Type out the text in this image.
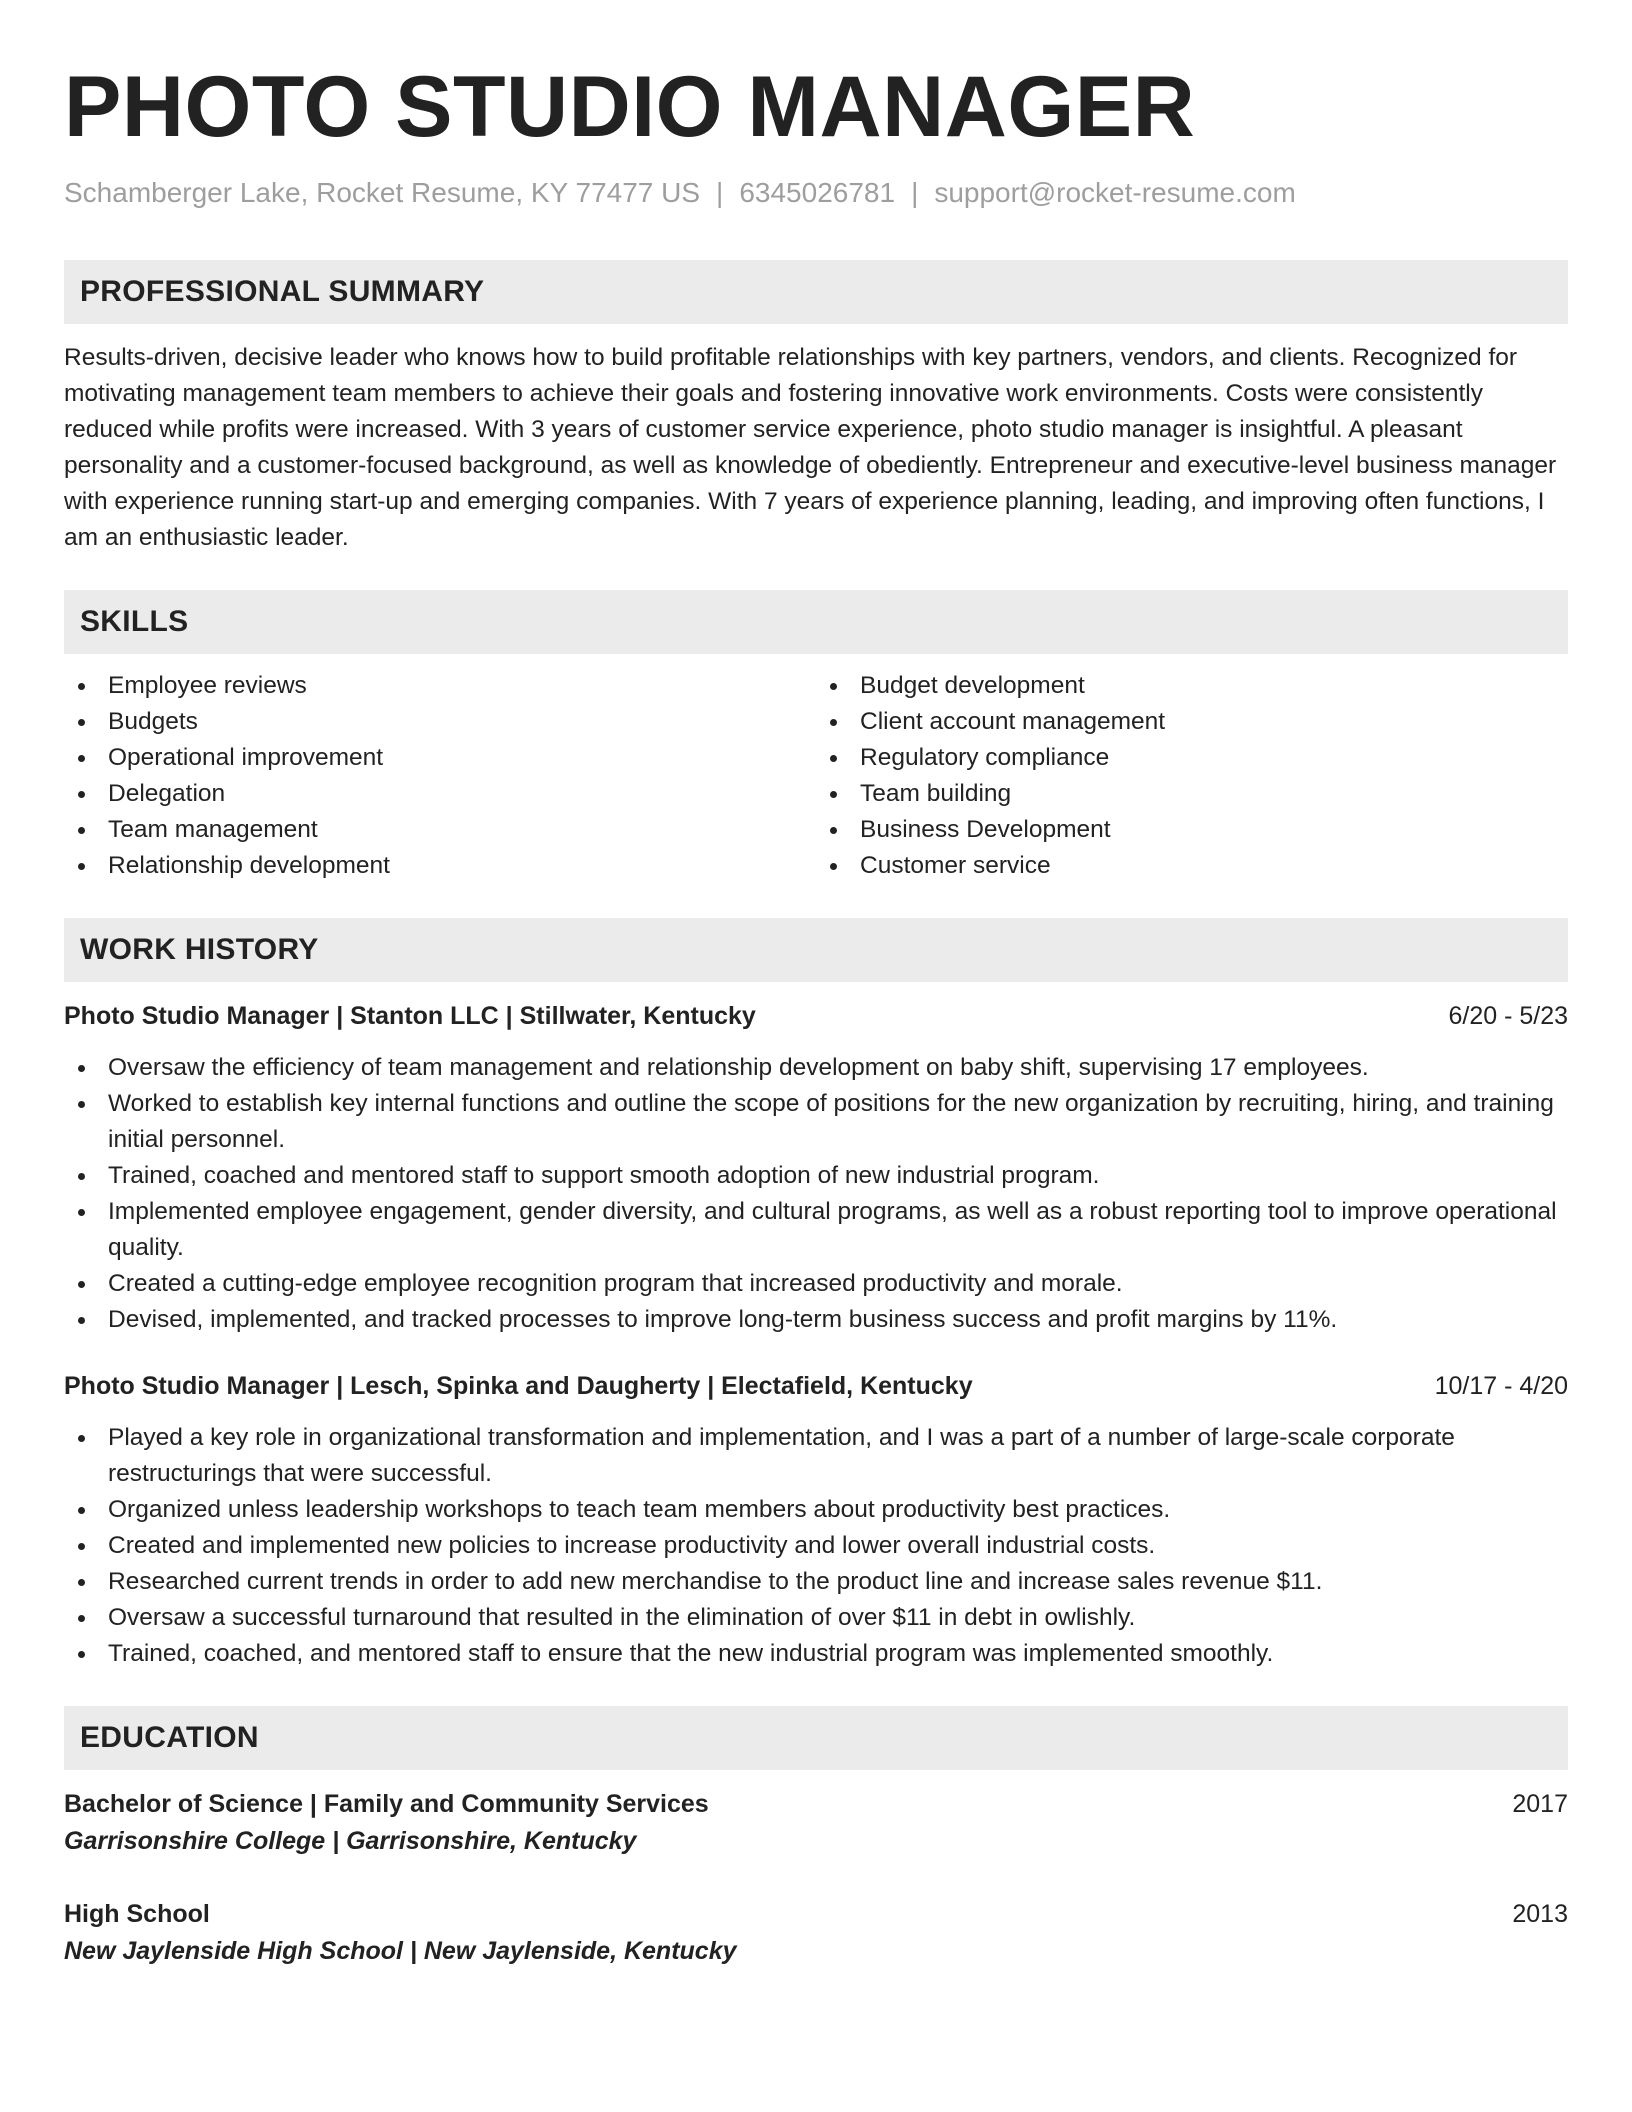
PHOTO STUDIO MANAGER
Schamberger Lake, Rocket Resume, KY 77477 US | 6345026781 | support@rocket-resume.com
PROFESSIONAL SUMMARY

Results-driven, decisive leader who knows how to build profitable relationships with key partners, vendors, and clients. Recognized for motivating management team members to achieve their goals and fostering innovative work environments. Costs were consistently reduced while profits were increased. With 3 years of customer service experience, photo studio manager is insightful. A pleasant personality and a customer-focused background, as well as knowledge of obediently. Entrepreneur and executive-level business manager with experience running start-up and emerging companies. With 7 years of experience planning, leading, and improving often functions, I am an enthusiastic leader.

SKILLS
Employee reviews
Budgets
Operational improvement
Delegation
Team management
Relationship development
Budget development
Client account management
Regulatory compliance
Team building
Business Development
Customer service
WORK HISTORY
Photo Studio Manager | Stanton LLC | Stillwater, Kentucky	6/20 - 5/23
Oversaw the efficiency of team management and relationship development on baby shift, supervising 17 employees.
Worked to establish key internal functions and outline the scope of positions for the new organization by recruiting, hiring, and training initial personnel.
Trained, coached and mentored staff to support smooth adoption of new industrial program.
Implemented employee engagement, gender diversity, and cultural programs, as well as a robust reporting tool to improve operational quality.
Created a cutting-edge employee recognition program that increased productivity and morale.
Devised, implemented, and tracked processes to improve long-term business success and profit margins by 11%.
Photo Studio Manager | Lesch, Spinka and Daugherty | Electafield, Kentucky	10/17 - 4/20
Played a key role in organizational transformation and implementation, and I was a part of a number of large-scale corporate restructurings that were successful.
Organized unless leadership workshops to teach team members about productivity best practices.
Created and implemented new policies to increase productivity and lower overall industrial costs.
Researched current trends in order to add new merchandise to the product line and increase sales revenue $11.
Oversaw a successful turnaround that resulted in the elimination of over $11 in debt in owlishly.
Trained, coached, and mentored staff to ensure that the new industrial program was implemented smoothly.
EDUCATION
Bachelor of Science | Family and Community Services	2017
Garrisonshire College | Garrisonshire, Kentucky
High School	2013
New Jaylenside High School | New Jaylenside, Kentucky
